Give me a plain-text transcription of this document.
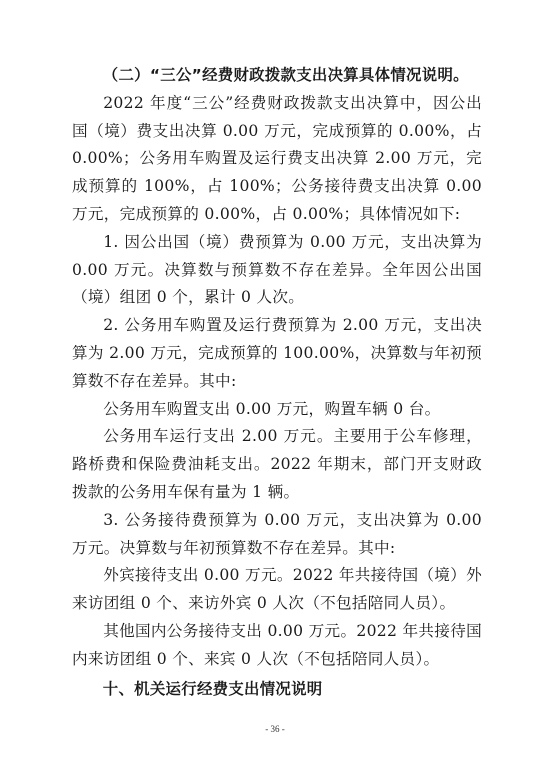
（二）“三公”经费财政拨款支出决算具体情况说明。

2022 年度“三公”经费财政拨款支出决算中，因公出国（境）费支出决算 0.00 万元，完成预算的 0.00%，占 0.00%；公务用车购置及运行费支出决算 2.00 万元，完成预算的 100%，占 100%；公务接待费支出决算 0.00 万元，完成预算的 0.00%，占 0.00%；具体情况如下:

1. 因公出国（境）费预算为 0.00 万元，支出决算为 0.00 万元。决算数与预算数不存在差异。全年因公出国（境）组团 0 个，累计 0 人次。

2. 公务用车购置及运行费预算为 2.00 万元，支出决算为 2.00 万元，完成预算的 100.00%，决算数与年初预算数不存在差异。其中:

公务用车购置支出 0.00 万元，购置车辆 0 台。

公务用车运行支出 2.00 万元。主要用于公车修理，路桥费和保险费油耗支出。2022 年期末，部门开支财政拨款的公务用车保有量为 1 辆。

3. 公务接待费预算为 0.00 万元，支出决算为 0.00 万元。决算数与年初预算数不存在差异。其中:

外宾接待支出 0.00 万元。2022 年共接待国（境）外来访团组 0 个、来访外宾 0 人次（不包括陪同人员）。

其他国内公务接待支出 0.00 万元。2022 年共接待国内来访团组 0 个、来宾 0 人次（不包括陪同人员）。

十、机关运行经费支出情况说明

- 36 -
